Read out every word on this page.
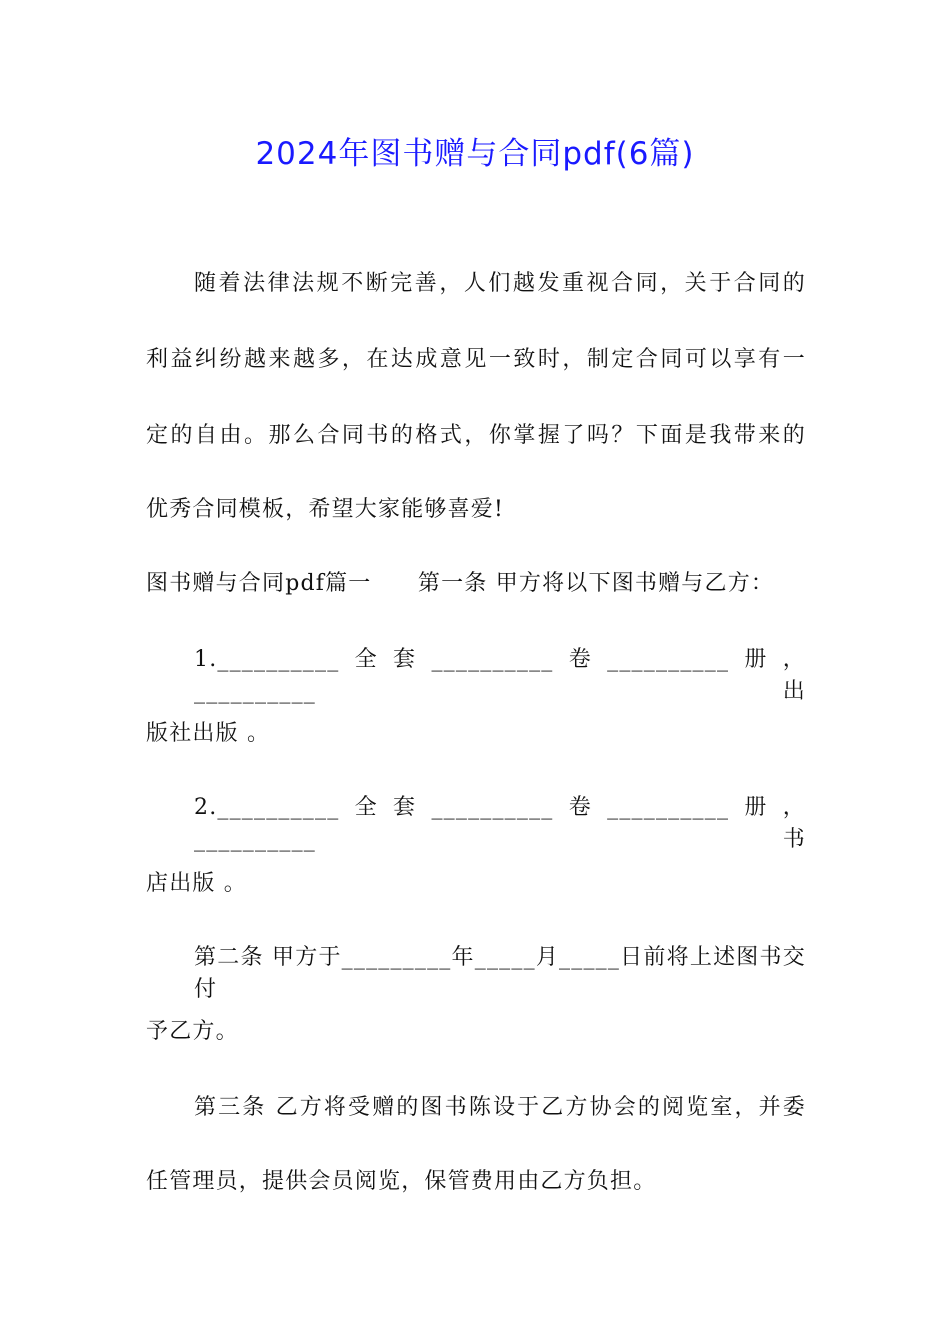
2024年图书赠与合同pdf(6篇)

随着法律法规不断完善，人们越发重视合同，关于合同的

利益纠纷越来越多，在达成意见一致时，制定合同可以享有一

定的自由。那么合同书的格式，你掌握了吗？下面是我带来的

优秀合同模板，希望大家能够喜爱!

图书赠与合同pdf篇一　　第一条 甲方将以下图书赠与乙方：

1.__________全套__________卷__________册，__________出

版社出版 。

2.__________全套__________卷__________册， __________书

店出版 。

第二条 甲方于_________年_____月_____日前将上述图书交付

予乙方。

第三条 乙方将受赠的图书陈设于乙方协会的阅览室，并委

任管理员，提供会员阅览，保管费用由乙方负担。
